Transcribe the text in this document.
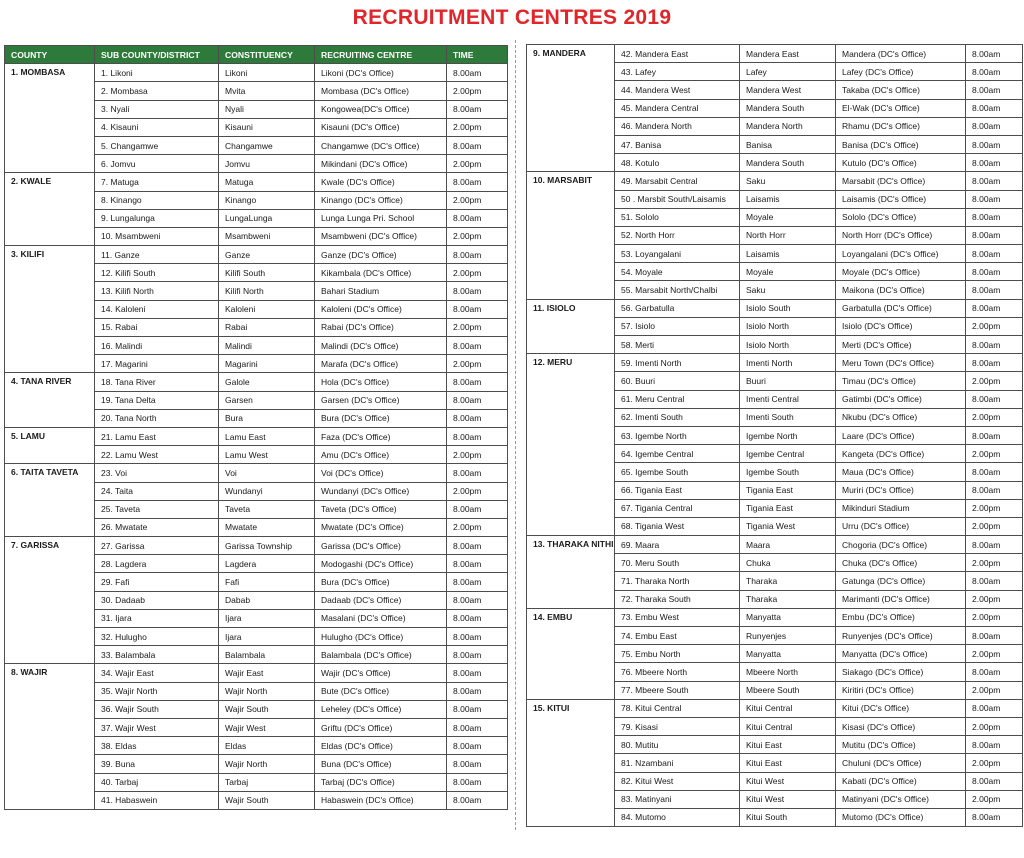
RECRUITMENT CENTRES 2019
COUNTY	SUB COUNTY/DISTRICT	CONSTITUENCY	RECRUITING CENTRE	TIME
1. MOMBASA	1. Likoni	Likoni	Likoni (DC's Office)	8.00am
	2. Mombasa	Mvita	Mombasa (DC's Office)	2.00pm
	3. Nyali	Nyali	Kongowea(DC's Office)	8.00am
	4. Kisauni	Kisauni	Kisauni (DC's Office)	2.00pm
	5. Changamwe	Changamwe	Changamwe (DC's Office)	8.00am
	6. Jomvu	Jomvu	Mikindani (DC's Office)	2.00pm
2. KWALE	7. Matuga	Matuga	Kwale (DC's Office)	8.00am
	8. Kinango	Kinango	Kinango (DC's Office)	2.00pm
	9. Lungalunga	LungaLunga	Lunga Lunga Pri. School	8.00am
	10. Msambweni	Msambweni	Msambweni (DC's Office)	2.00pm
3. KILIFI	11. Ganze	Ganze	Ganze (DC's Office)	8.00am
	12. Kilifi South	Kilifi South	Kikambala (DC's Office)	2.00pm
	13. Kilifi North	Kilifi North	Bahari Stadium	8.00am
	14. Kaloleni	Kaloleni	Kaloleni (DC's Office)	8.00am
	15. Rabai	Rabai	Rabai (DC's Office)	2.00pm
	16. Malindi	Malindi	Malindi (DC's Office)	8.00am
	17. Magarini	Magarini	Marafa (DC's Office)	2.00pm
4. TANA RIVER	18. Tana River	Galole	Hola (DC's Office)	8.00am
	19. Tana Delta	Garsen	Garsen (DC's Office)	8.00am
	20. Tana North	Bura	Bura (DC's Office)	8.00am
5. LAMU	21. Lamu East	Lamu East	Faza (DC's Office)	8.00am
	22. Lamu West	Lamu West	Amu (DC's Office)	2.00pm
6. TAITA TAVETA	23. Voi	Voi	Voi (DC's Office)	8.00am
	24. Taita	Wundanyi	Wundanyi (DC's Office)	2.00pm
	25. Taveta	Taveta	Taveta (DC's Office)	8.00am
	26. Mwatate	Mwatate	Mwatate (DC's Office)	2.00pm
7. GARISSA	27. Garissa	Garissa Township	Garissa (DC's Office)	8.00am
	28. Lagdera	Lagdera	Modogashi (DC's Office)	8.00am
	29. Fafi	Fafi	Bura (DC's Office)	8.00am
	30. Dadaab	Dabab	Dadaab (DC's Office)	8.00am
	31. Ijara	Ijara	Masalani (DC's Office)	8.00am
	32. Hulugho	Ijara	Hulugho (DC's Office)	8.00am
	33. Balambala	Balambala	Balambala (DC's Office)	8.00am
8. WAJIR	34. Wajir East	Wajir East	Wajir (DC's Office)	8.00am
	35. Wajir North	Wajir North	Bute (DC's Office)	8.00am
	36. Wajir South	Wajir South	Leheley (DC's Office)	8.00am
	37. Wajir West	Wajir West	Griftu (DC's Office)	8.00am
	38. Eldas	Eldas	Eldas (DC's Office)	8.00am
	39. Buna	Wajir North	Buna (DC's Office)	8.00am
	40. Tarbaj	Tarbaj	Tarbaj (DC's Office)	8.00am
	41. Habaswein	Wajir South	Habaswein (DC's Office)	8.00am
9. MANDERA	42. Mandera East	Mandera East	Mandera (DC's Office)	8.00am
	43. Lafey	Lafey	Lafey (DC's Office)	8.00am
	44. Mandera West	Mandera West	Takaba (DC's Office)	8.00am
	45. Mandera Central	Mandera South	El-Wak (DC's Office)	8.00am
	46. Mandera North	Mandera North	Rhamu (DC's Office)	8.00am
	47. Banisa	Banisa	Banisa (DC's Office)	8.00am
	48. Kotulo	Mandera South	Kutulo (DC's Office)	8.00am
10. MARSABIT	49. Marsabit Central	Saku	Marsabit (DC's Office)	8.00am
	50 . Marsbit South/Laisamis	Laisamis	Laisamis (DC's Office)	8.00am
	51. Sololo	Moyale	Sololo (DC's Office)	8.00am
	52. North Horr	North Horr	North Horr (DC's Office)	8.00am
	53. Loyangalani	Laisamis	Loyangalani (DC's Office)	8.00am
	54. Moyale	Moyale	Moyale (DC's Office)	8.00am
	55. Marsabit North/Chalbi	Saku	Maikona (DC's Office)	8.00am
11. ISIOLO	56. Garbatulla	Isiolo South	Garbatulla (DC's Office)	8.00am
	57. Isiolo	Isiolo North	Isiolo (DC's Office)	2.00pm
	58. Merti	Isiolo North	Merti (DC's Office)	8.00am
12. MERU	59. Imenti North	Imenti North	Meru Town (DC's Office)	8.00am
	60. Buuri	Buuri	Timau (DC's Office)	2.00pm
	61. Meru Central	Imenti Central	Gatimbi (DC's Office)	8.00am
	62. Imenti South	Imenti South	Nkubu (DC's Office)	2.00pm
	63. Igembe North	Igembe North	Laare (DC's Office)	8.00am
	64. Igembe Central	Igembe Central	Kangeta (DC's Office)	2.00pm
	65. Igembe South	Igembe South	Maua (DC's Office)	8.00am
	66. Tigania East	Tigania East	Muriri (DC's Office)	8.00am
	67. Tigania Central	Tigania East	Mikinduri Stadium	2.00pm
	68. Tigania West	Tigania West	Urru (DC's Office)	2.00pm
13. THARAKA NITHI	69. Maara	Maara	Chogoria (DC's Office)	8.00am
	70. Meru South	Chuka	Chuka (DC's Office)	2.00pm
	71. Tharaka North	Tharaka	Gatunga (DC's Office)	8.00am
	72. Tharaka South	Tharaka	Marimanti (DC's Office)	2.00pm
14. EMBU	73. Embu West	Manyatta	Embu (DC's Office)	2.00pm
	74. Embu East	Runyenjes	Runyenjes (DC's Office)	8.00am
	75. Embu North	Manyatta	Manyatta (DC's Office)	2.00pm
	76. Mbeere North	Mbeere North	Siakago (DC's Office)	8.00am
	77. Mbeere South	Mbeere South	Kiritiri (DC's Office)	2.00pm
15. KITUI	78. Kitui Central	Kitui Central	Kitui (DC's Office)	8.00am
	79. Kisasi	Kitui Central	Kisasi (DC's Office)	2.00pm
	80. Mutitu	Kitui East	Mutitu (DC's Office)	8.00am
	81. Nzambani	Kitui East	Chuluni (DC's Office)	2.00pm
	82. Kitui West	Kitui West	Kabati (DC's Office)	8.00am
	83. Matinyani	Kitui West	Matinyani (DC's Office)	2.00pm
	84. Mutomo	Kitui South	Mutomo (DC's Office)	8.00am
